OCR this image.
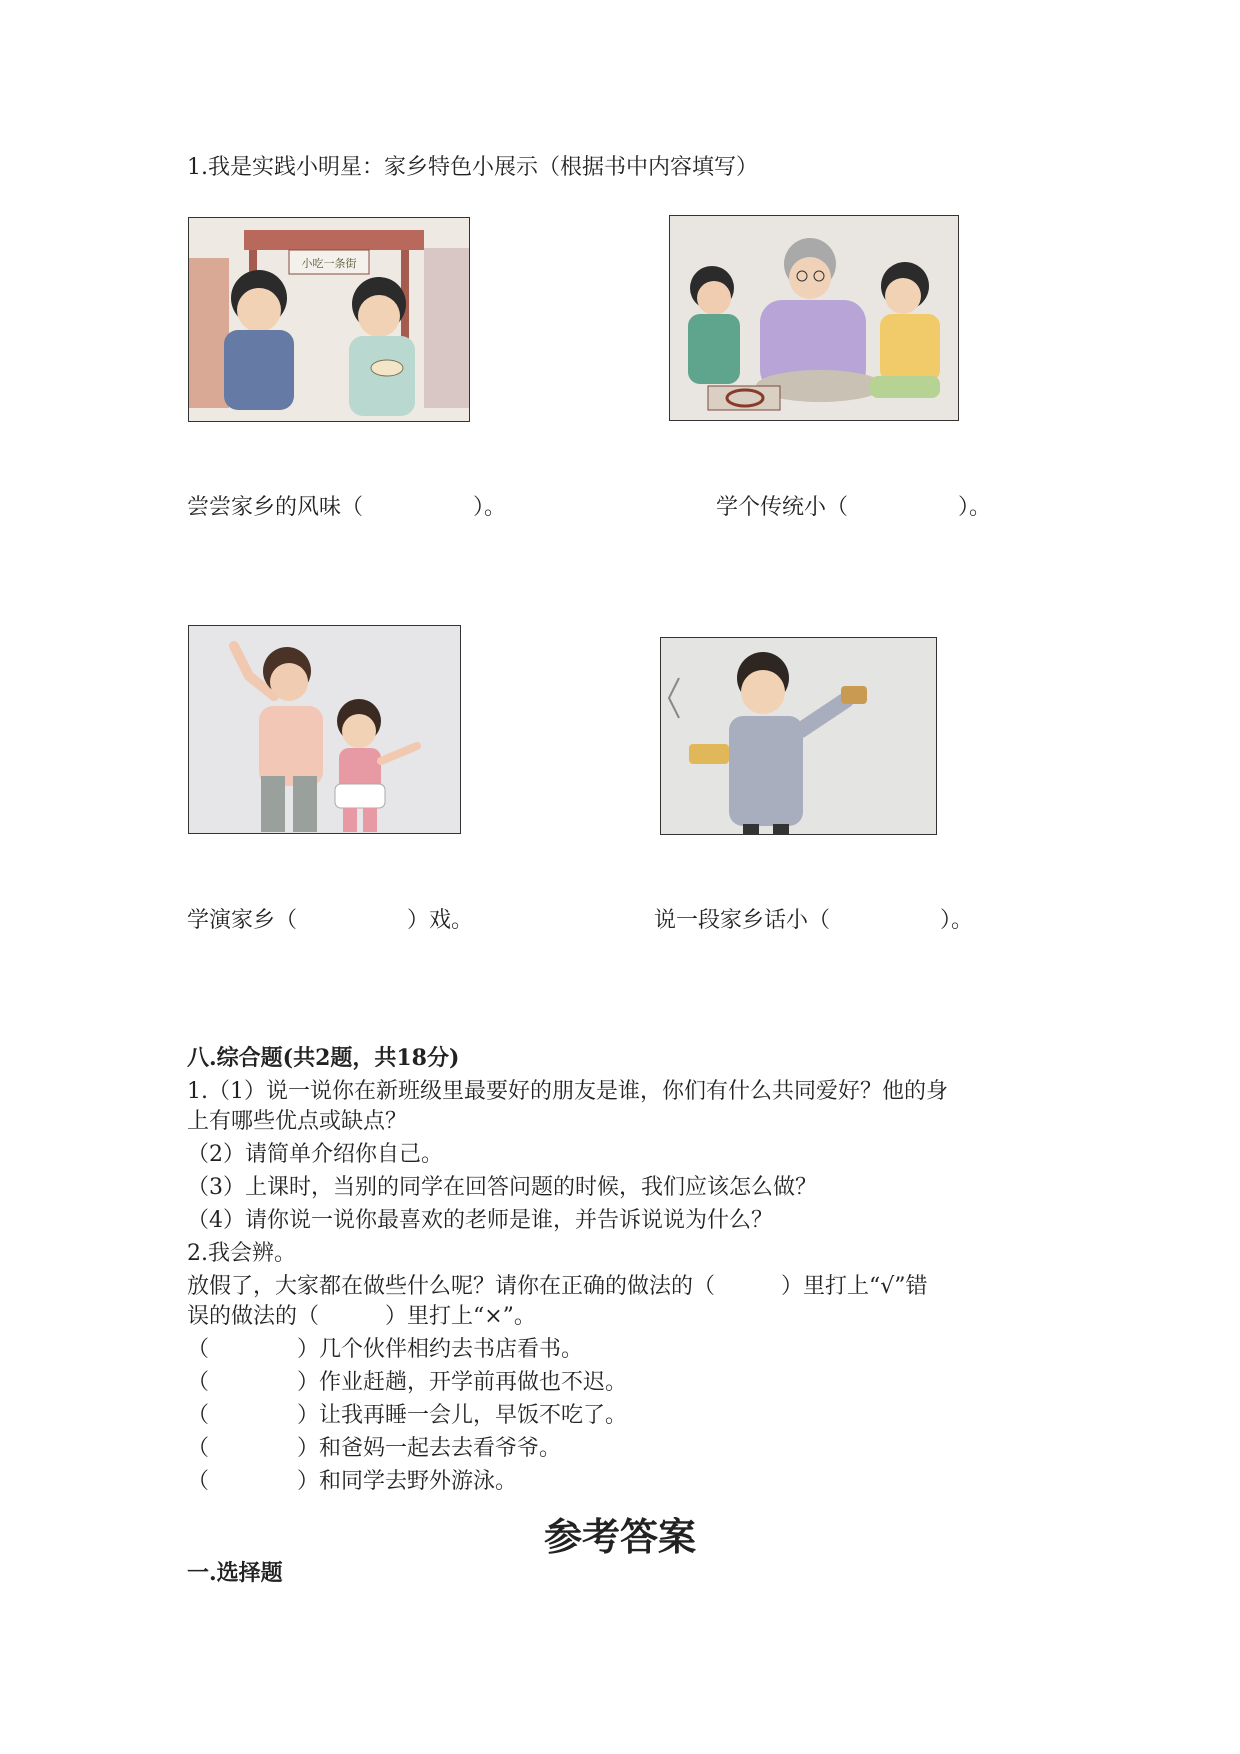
1.我是实践小明星：家乡特色小展示（根据书中内容填写）
小吃一条街
尝尝家乡的风味（　　　　　）。	学个传统小（　　　　　）。
学演家乡（　　　　　）戏。	说一段家乡话小（　　　　　）。
八.综合题(共2题，共18分)
1.（1）说一说你在新班级里最要好的朋友是谁，你们有什么共同爱好？他的身
上有哪些优点或缺点？
（2）请简单介绍你自己。
（3）上课时，当别的同学在回答问题的时候，我们应该怎么做？
（4）请你说一说你最喜欢的老师是谁，并告诉说说为什么？
2.我会辨。
放假了，大家都在做些什么呢？请你在正确的做法的（　　　）里打上“√”错
误的做法的（　　　）里打上“×”。
（　　　　）几个伙伴相约去书店看书。
（　　　　）作业赶趟，开学前再做也不迟。
（　　　　）让我再睡一会儿，早饭不吃了。
（　　　　）和爸妈一起去去看爷爷。
（　　　　）和同学去野外游泳。
参考答案
一.选择题
